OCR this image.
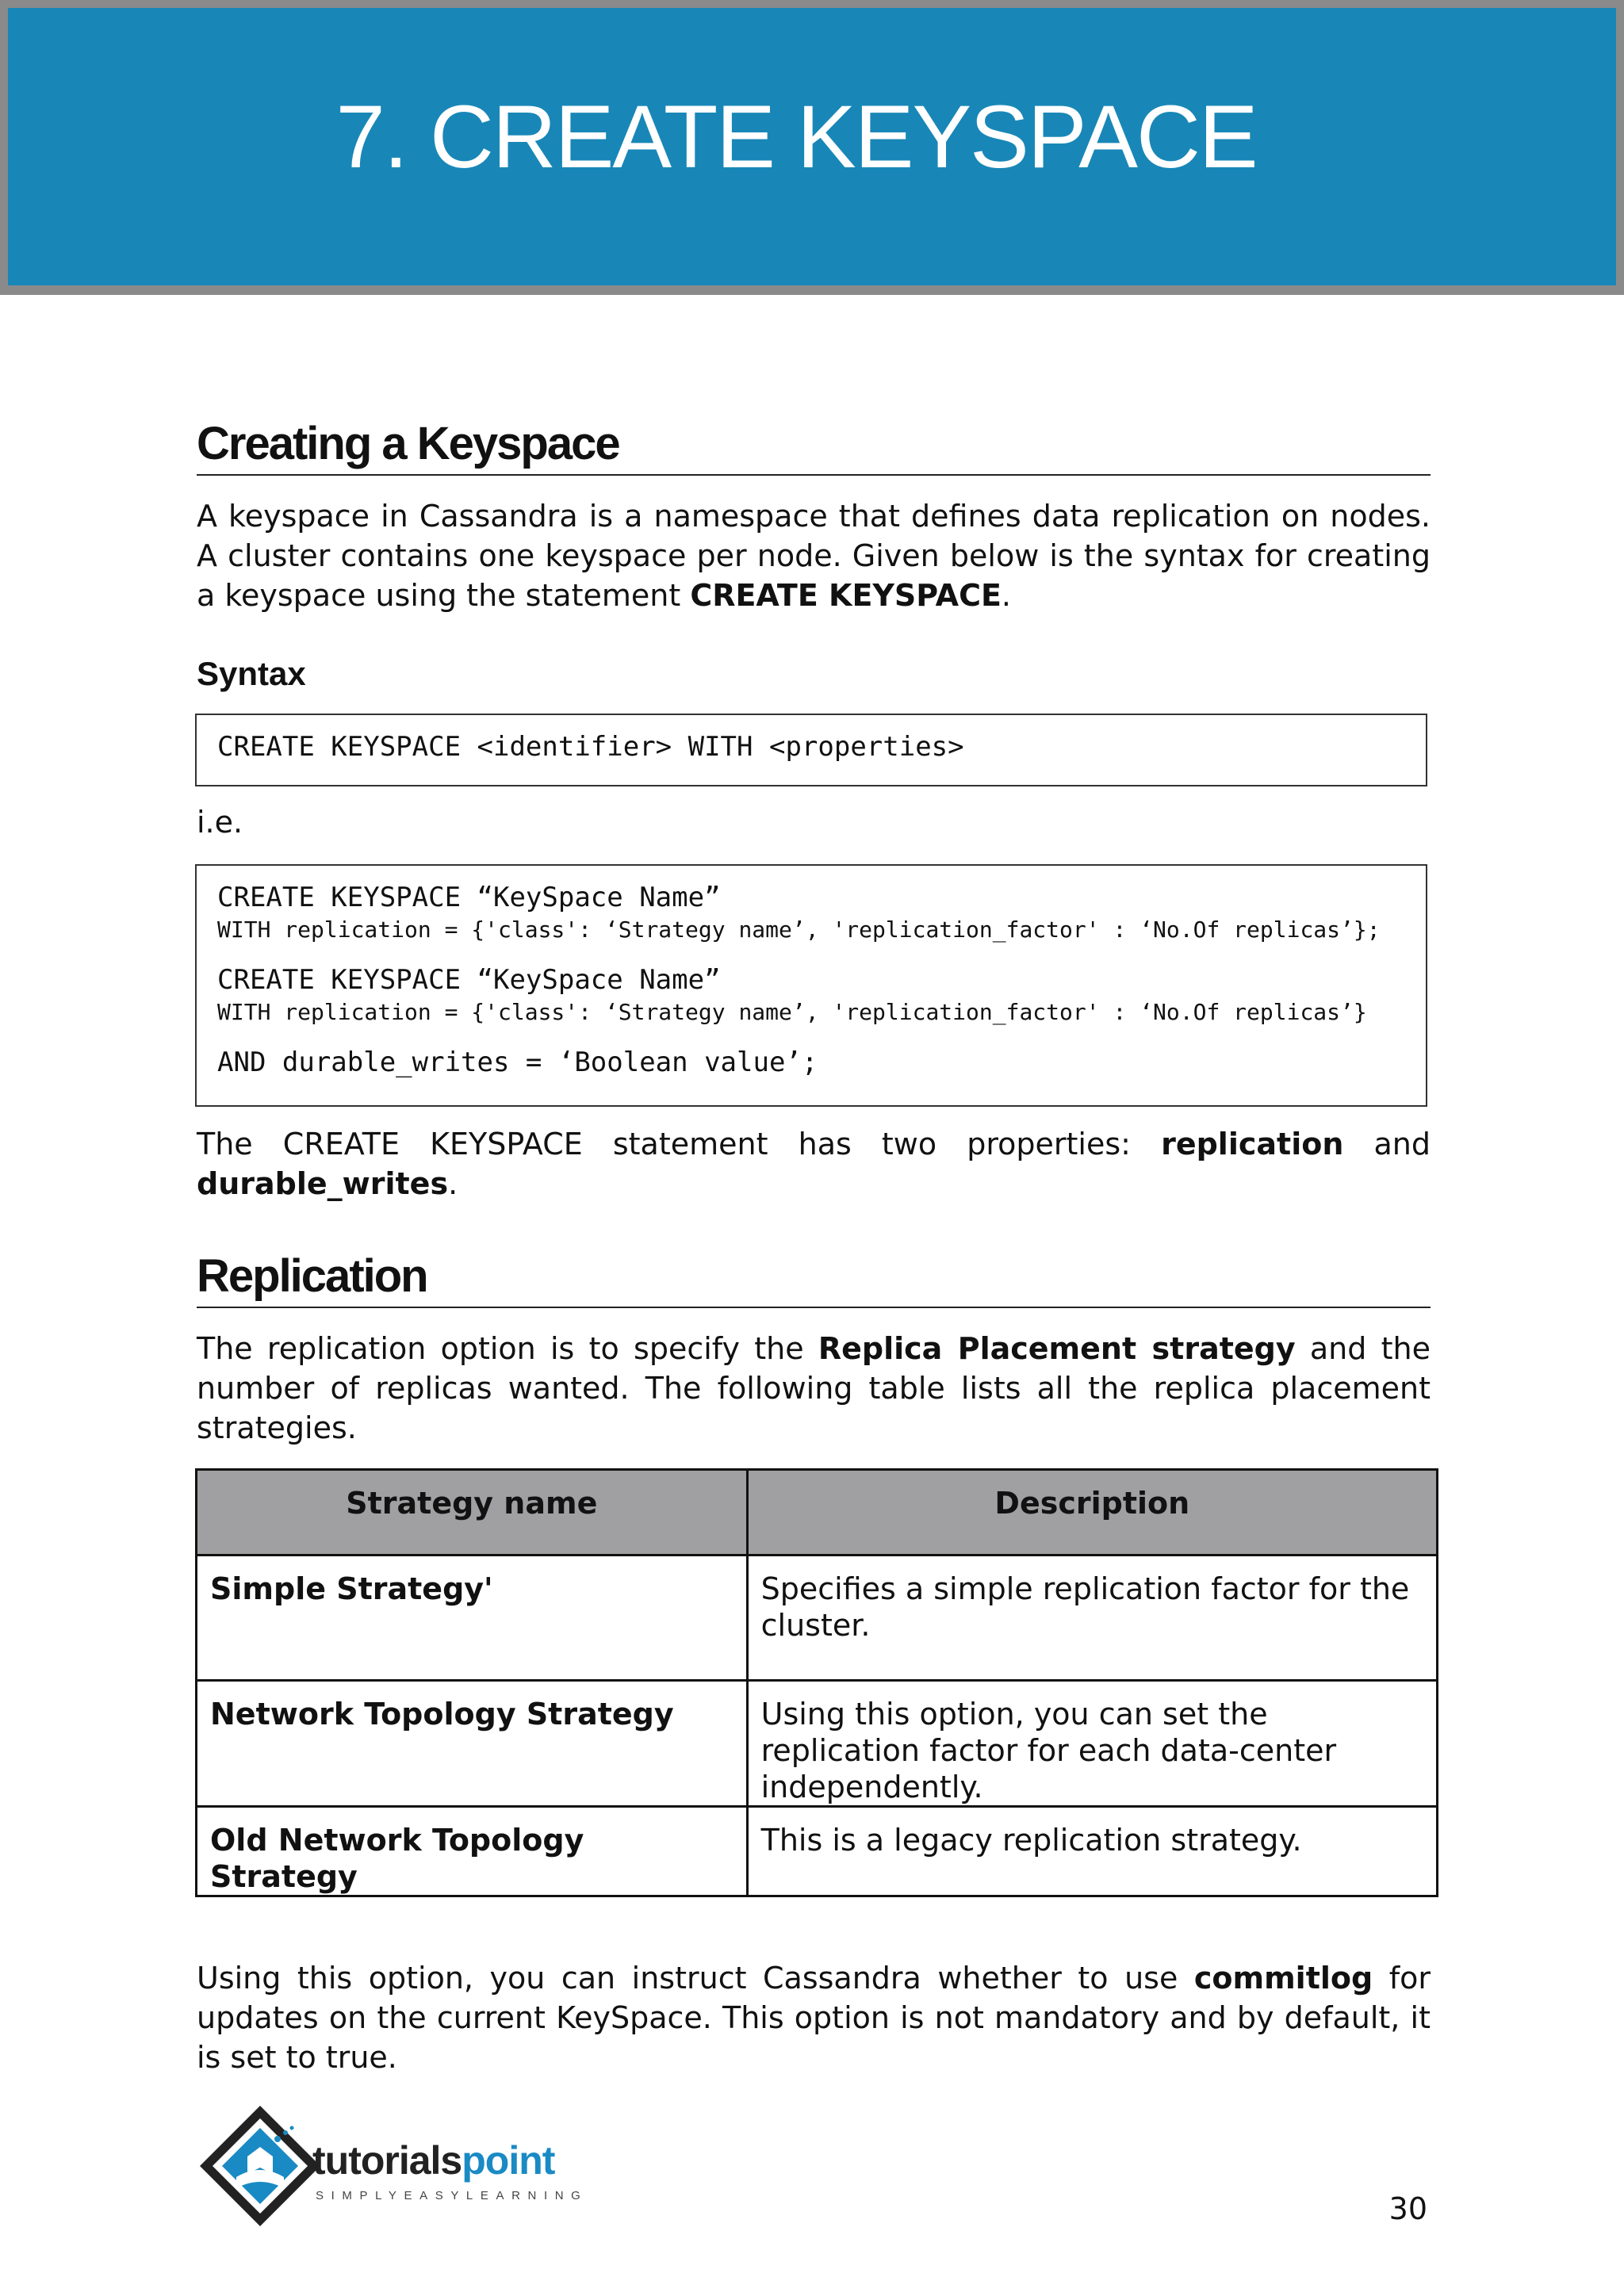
7. CREATE KEYSPACE
Creating a Keyspace

A keyspace in Cassandra is a namespace that defines data replication on nodes. A cluster contains one keyspace per node. Given below is the syntax for creating a keyspace using the statement CREATE KEYSPACE.

Syntax
CREATE KEYSPACE <identifier> WITH <properties>

i.e.

CREATE KEYSPACE “KeySpace Name”
WITH replication = {'class': ‘Strategy name’, 'replication_factor' : ‘No.Of replicas’};
CREATE KEYSPACE “KeySpace Name”
WITH replication = {'class': ‘Strategy name’, 'replication_factor' : ‘No.Of replicas’}
AND durable_writes = ‘Boolean value’;

The CREATE KEYSPACE statement has two properties: replication and durable_writes.

Replication

The replication option is to specify the Replica Placement strategy and the number of replicas wanted. The following table lists all the replica placement strategies.

Strategy name	Description
Simple Strategy'	Specifies a simple replication factor for the cluster.
Network Topology Strategy	Using this option, you can set the replication factor for each data-center independently.
Old Network Topology Strategy	This is a legacy replication strategy.

Using this option, you can instruct Cassandra whether to use commitlog for updates on the current KeySpace. This option is not mandatory and by default, it is set to true.

tutorialspoint
SIMPLYEASYLEARNING	30
